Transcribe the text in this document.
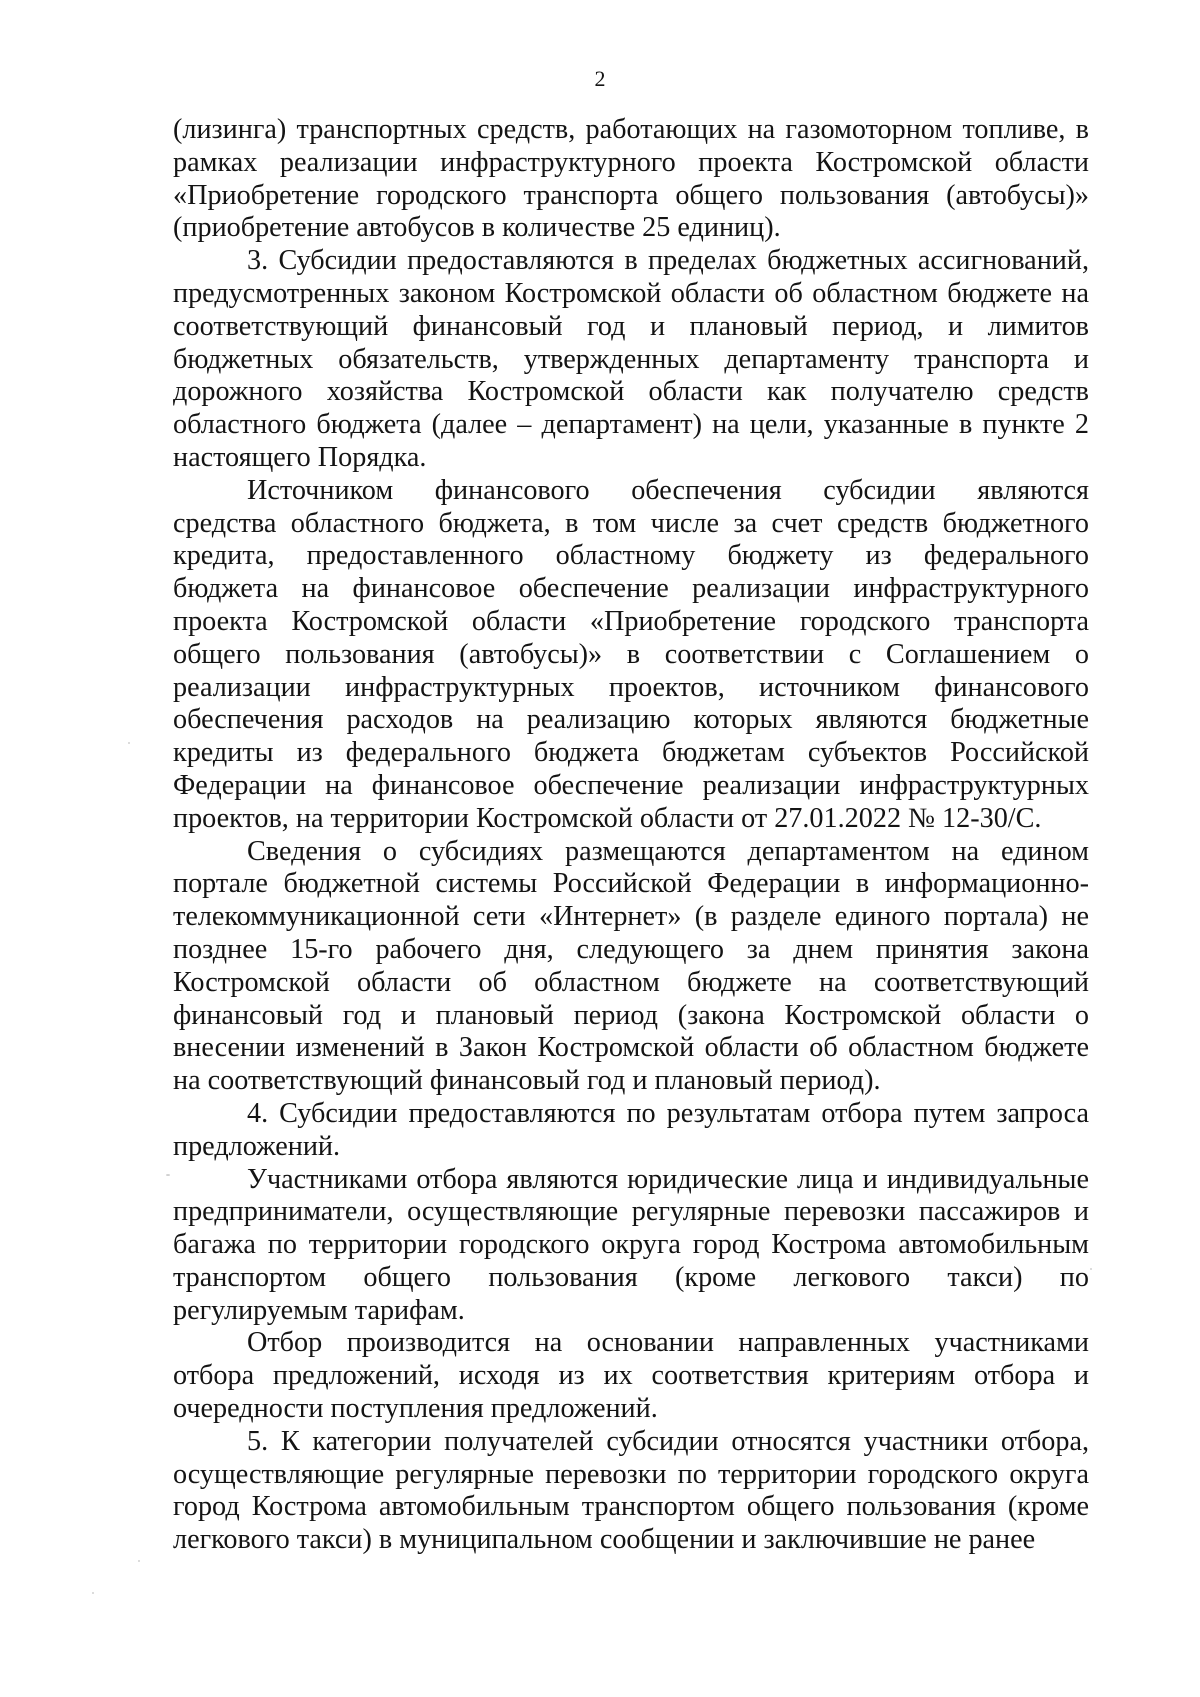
2

(лизинга) транспортных средств, работающих на газомоторном топливе, в
рамках реализации инфраструктурного проекта Костромской области
«Приобретение городского транспорта общего пользования (автобусы)»
(приобретение автобусов в количестве 25 единиц).

3. Субсидии предоставляются в пределах бюджетных ассигнований,
предусмотренных законом Костромской области об областном бюджете на
соответствующий финансовый год и плановый период, и лимитов
бюджетных обязательств, утвержденных департаменту транспорта и
дорожного хозяйства Костромской области как получателю средств
областного бюджета (далее – департамент) на цели, указанные в пункте 2
настоящего Порядка.

Источником финансового обеспечения субсидии являются
средства областного бюджета, в том числе за счет средств бюджетного
кредита, предоставленного областному бюджету из федерального
бюджета на финансовое обеспечение реализации инфраструктурного
проекта Костромской области «Приобретение городского транспорта
общего пользования (автобусы)» в соответствии с Соглашением о
реализации инфраструктурных проектов, источником финансового
обеспечения расходов на реализацию которых являются бюджетные
кредиты из федерального бюджета бюджетам субъектов Российской
Федерации на финансовое обеспечение реализации инфраструктурных
проектов, на территории Костромской области от 27.01.2022 № 12-30/С.

Сведения о субсидиях размещаются департаментом на едином
портале бюджетной системы Российской Федерации в информационно-
телекоммуникационной сети «Интернет» (в разделе единого портала) не
позднее 15-го рабочего дня, следующего за днем принятия закона
Костромской области об областном бюджете на соответствующий
финансовый год и плановый период (закона Костромской области о
внесении изменений в Закон Костромской области об областном бюджете
на соответствующий финансовый год и плановый период).

4. Субсидии предоставляются по результатам отбора путем запроса
предложений.

Участниками отбора являются юридические лица и индивидуальные
предприниматели, осуществляющие регулярные перевозки пассажиров и
багажа по территории городского округа город Кострома автомобильным
транспортом общего пользования (кроме легкового такси) по
регулируемым тарифам.

Отбор производится на основании направленных участниками
отбора предложений, исходя из их соответствия критериям отбора и
очередности поступления предложений.

5. К категории получателей субсидии относятся участники отбора,
осуществляющие регулярные перевозки по территории городского округа
город Кострома автомобильным транспортом общего пользования (кроме
легкового такси) в муниципальном сообщении и заключившие не ранее
